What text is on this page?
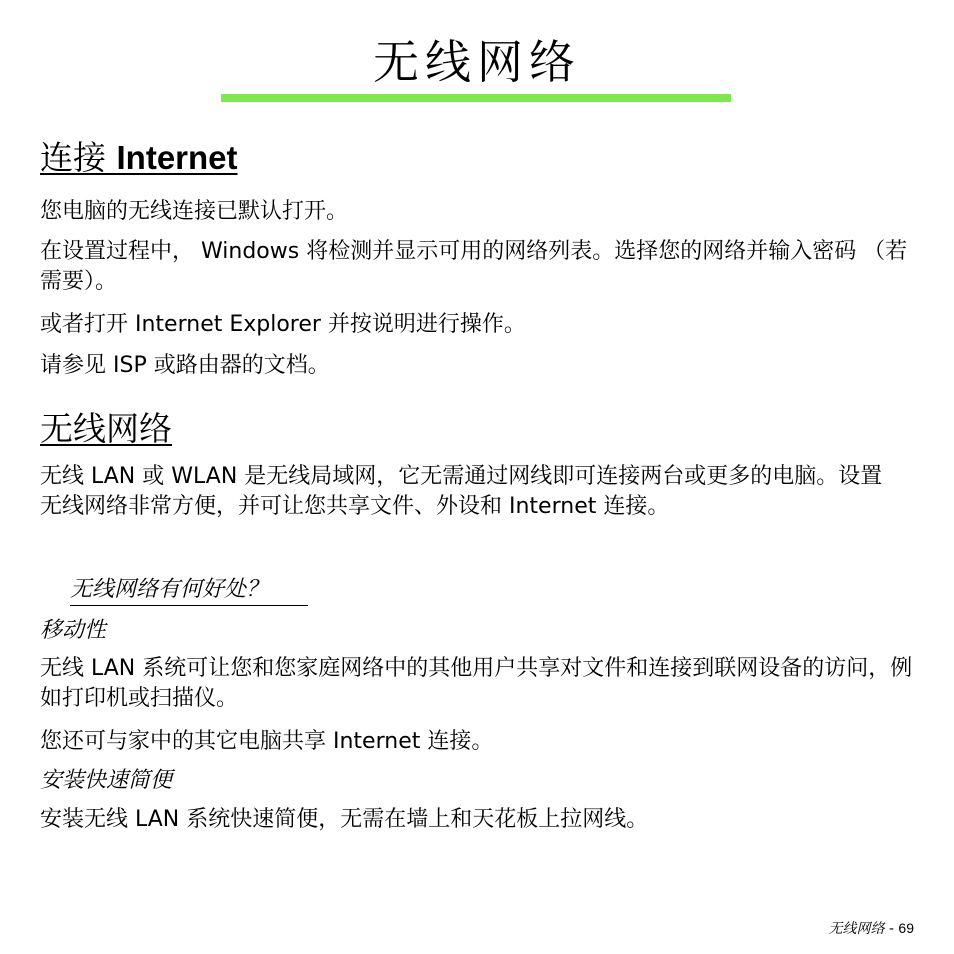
无线网络
连接 Internet

您电脑的无线连接已默认打开。

在设置过程中， Windows 将检测并显示可用的网络列表。选择您的网络并输入密码 （若需要）。

或者打开 Internet Explorer 并按说明进行操作。

请参见 ISP 或路由器的文档。

无线网络

无线 LAN 或 WLAN 是无线局域网，它无需通过网线即可连接两台或更多的电脑。设置无线网络非常方便，并可让您共享文件、外设和 Internet 连接。

无线网络有何好处？
移动性

无线 LAN 系统可让您和您家庭网络中的其他用户共享对文件和连接到联网设备的访问，例如打印机或扫描仪。

您还可与家中的其它电脑共享 Internet 连接。

安装快速简便

安装无线 LAN 系统快速简便，无需在墙上和天花板上拉网线。

无线网络 - 69
